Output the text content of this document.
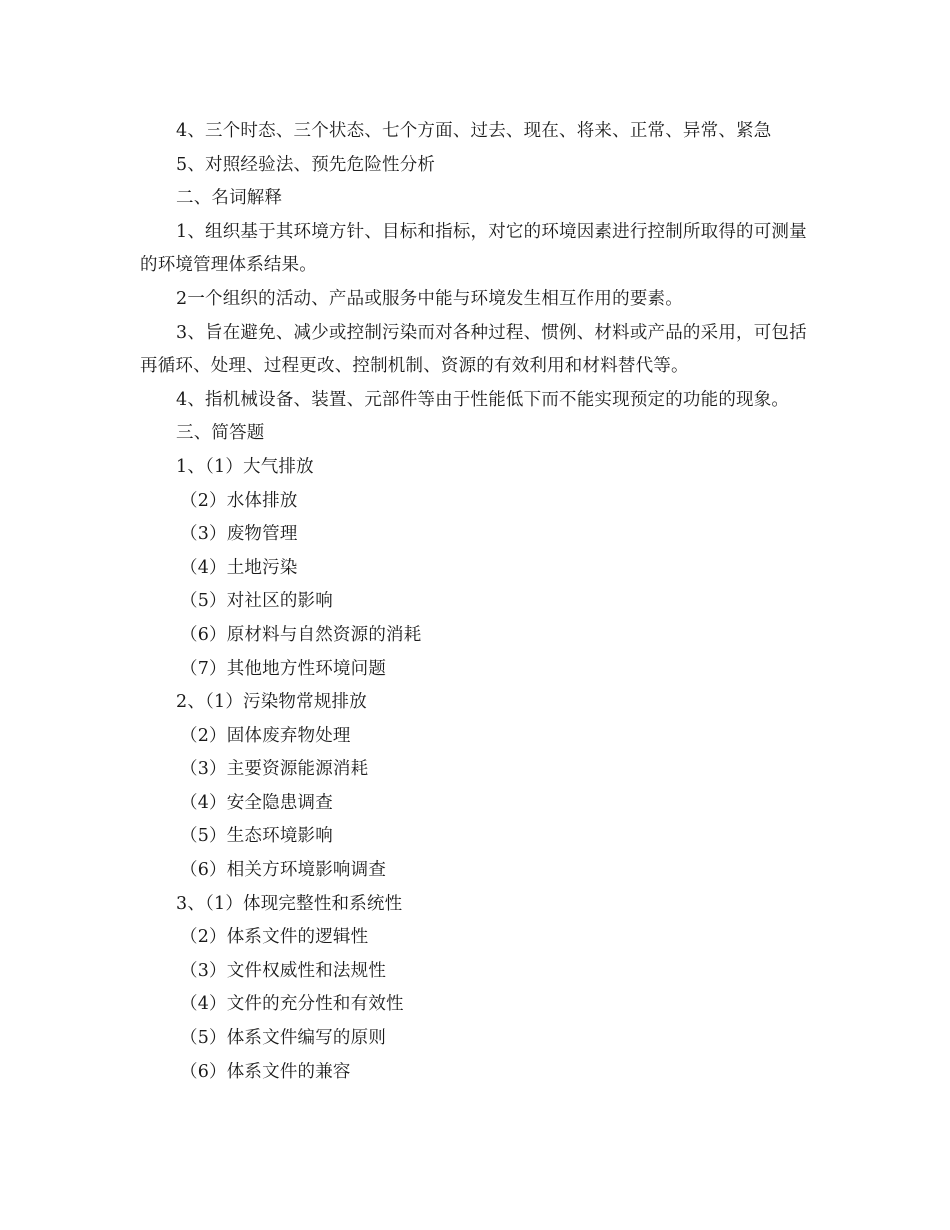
4、三个时态、三个状态、七个方面、过去、现在、将来、正常、异常、紧急

5、对照经验法、预先危险性分析

二、名词解释

1、组织基于其环境方针、目标和指标，对它的环境因素进行控制所取得的可测量的环境管理体系结果。

2一个组织的活动、产品或服务中能与环境发生相互作用的要素。

3、旨在避免、减少或控制污染而对各种过程、惯例、材料或产品的采用，可包括再循环、处理、过程更改、控制机制、资源的有效利用和材料替代等。

4、指机械设备、装置、元部件等由于性能低下而不能实现预定的功能的现象。

三、简答题

1、（1）大气排放

（2）水体排放

（3）废物管理

（4）土地污染

（5）对社区的影响

（6）原材料与自然资源的消耗

（7）其他地方性环境问题

2、（1）污染物常规排放

（2）固体废弃物处理

（3）主要资源能源消耗

（4）安全隐患调查

（5）生态环境影响

（6）相关方环境影响调查

3、（1）体现完整性和系统性

（2）体系文件的逻辑性

（3）文件权威性和法规性

（4）文件的充分性和有效性

（5）体系文件编写的原则

（6）体系文件的兼容
